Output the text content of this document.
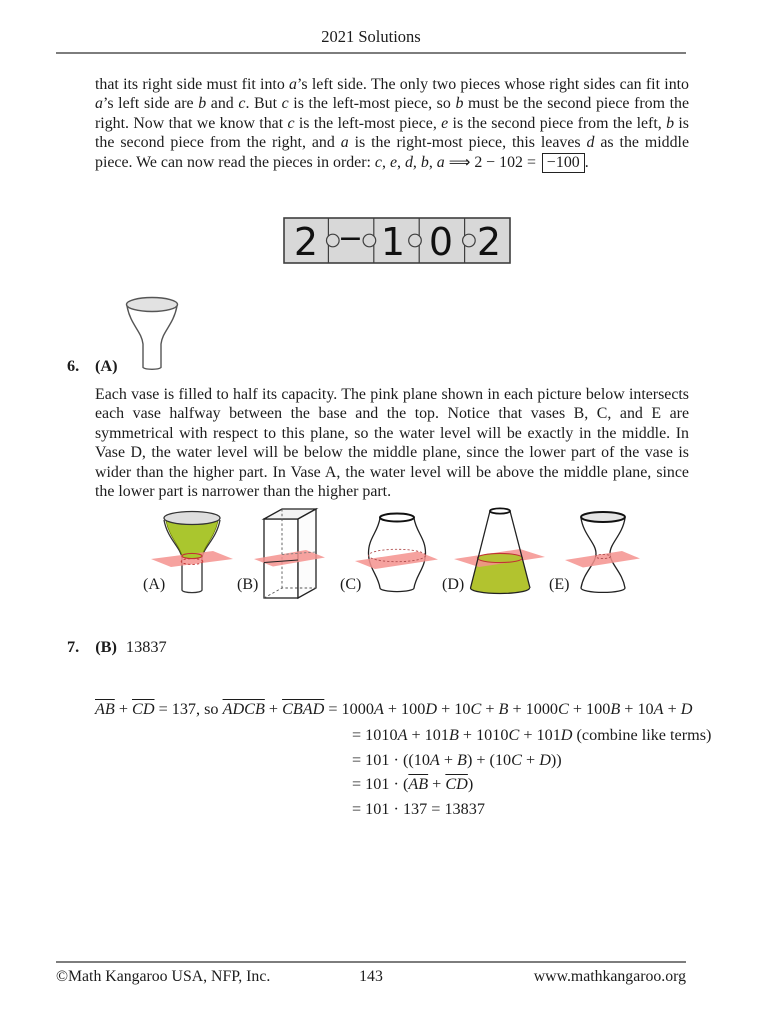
2021 Solutions
that its right side must fit into a’s left side. The only two pieces whose right sides can fit into a’s left side are b and c. But c is the left-most piece, so b must be the second piece from the right. Now that we know that c is the left-most piece, e is the second piece from the left, b is the second piece from the right, and a is the right-most piece, this leaves d as the middle piece. We can now read the pieces in order: c, e, d, b, a ⟹ 2 − 102 = −100 .
2 − 1 0 2
6. (A)
Each vase is filled to half its capacity. The pink plane shown in each picture below intersects each vase halfway between the base and the top. Notice that vases B, C, and E are symmetrical with respect to this plane, so the water level will be exactly in the middle. In Vase D, the water level will be below the middle plane, since the lower part of the vase is wider than the higher part. In Vase A, the water level will be above the middle plane, since the lower part is narrower than the higher part.
(A)	(B)	(C)	(D)	(E)
7. (B) 13837
$\overline{AB} + \overline{CD} = 137$, so ADCB + CBAD = 1000A + 100D + 10C + B + 1000C + 100B + 10A + D
= 1010A + 101B + 1010C + 101D (combine like terms)
= 101 · ((10A + B) + (10C + D))
= $101 \cdot (\overline{AB} + \overline{CD})$
= 101 · 137 = 13837
©Math Kangaroo USA, NFP, Inc.	143	www.mathkangaroo.org
